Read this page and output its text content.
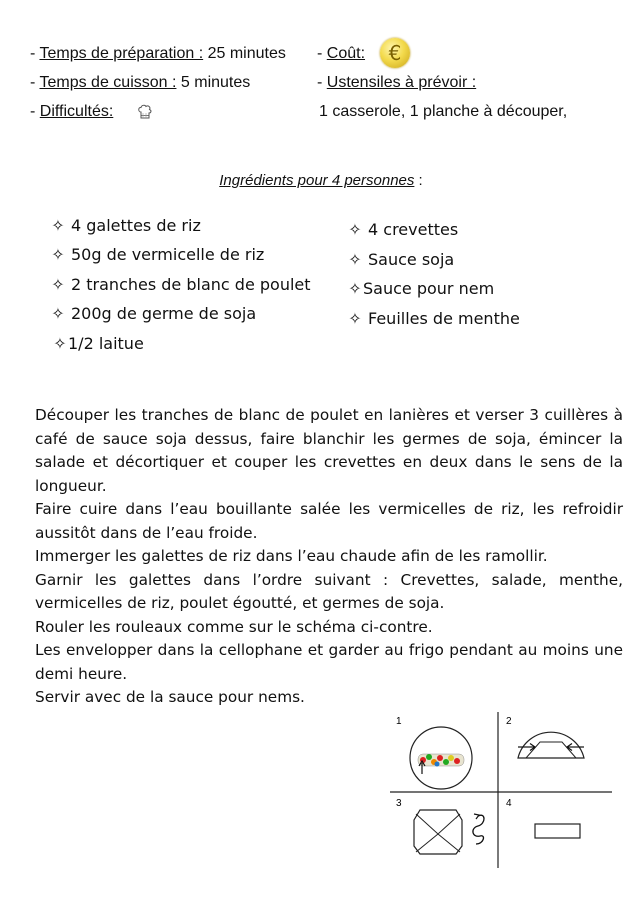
- Temps de préparation : 25 minutes
- Temps de cuisson : 5 minutes
- Difficultés:
- Coût:	€
- Ustensiles à prévoir :
1 casserole, 1 planche à découper,
Ingrédients pour 4 personnes :
✧ 4 galettes de riz
✧ 50g de vermicelle de riz
✧ 2 tranches de blanc de poulet
✧ 200g de germe de soja
✧1/2 laitue
✧ 4 crevettes
✧ Sauce soja
✧Sauce pour nem
✧ Feuilles de menthe

Découper les tranches de blanc de poulet en lanières et verser 3 cuillères à café de sauce soja dessus, faire blanchir les germes de soja, émincer la salade et décortiquer et couper les crevettes en deux dans le sens de la longueur.

Faire cuire dans l’eau bouillante salée les vermicelles de riz, les refroidir aussitôt dans de l’eau froide.

Immerger les galettes de riz dans l’eau chaude afin de les ramollir.

Garnir les galettes dans l’ordre suivant : Crevettes, salade, menthe, vermicelles de riz, poulet égoutté, et germes de soja.

Rouler les rouleaux comme sur le schéma ci-contre.

Les envelopper dans la cellophane et garder au frigo pendant au moins une demi heure.

Servir avec de la sauce pour nems.

1	2
3	4
